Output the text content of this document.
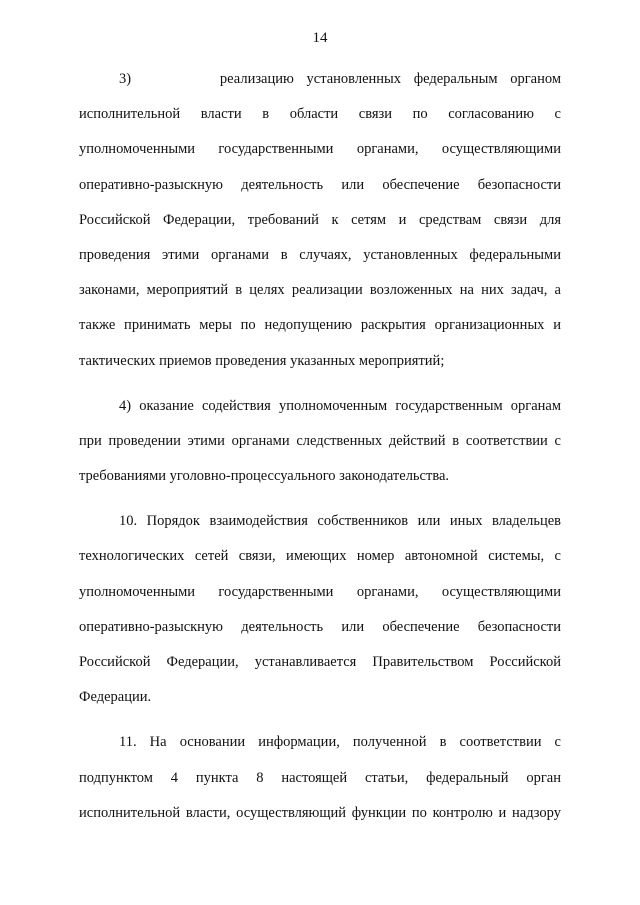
14
3)       реализацию установленных федеральным органом
исполнительной власти в области связи по согласованию с
уполномоченными государственными органами, осуществляющими
оперативно-разыскную деятельность или обеспечение безопасности
Российской Федерации, требований к сетям и средствам связи для
проведения этими органами в случаях, установленных федеральными
законами, мероприятий в целях реализации возложенных на них задач, а
также принимать меры по недопущению раскрытия организационных и
тактических приемов проведения указанных мероприятий;
4) оказание содействия уполномоченным государственным органам
при проведении этими органами следственных действий в соответствии с
требованиями уголовно-процессуального законодательства.
10. Порядок взаимодействия собственников или иных владельцев
технологических сетей связи, имеющих номер автономной системы, с
уполномоченными государственными органами, осуществляющими
оперативно-разыскную деятельность или обеспечение безопасности
Российской Федерации, устанавливается Правительством Российской
Федерации.
11. На основании информации, полученной в соответствии с
подпунктом 4 пункта 8 настоящей статьи, федеральный орган
исполнительной власти, осуществляющий функции по контролю и надзору
